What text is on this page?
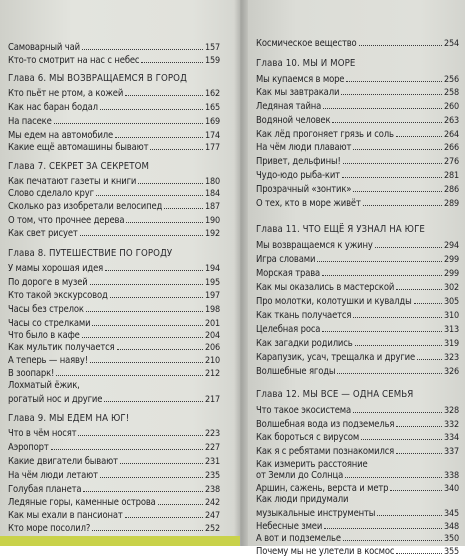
Самоварный чай	157
Кто-то смотрит на нас с небес	159
Глава 6. МЫ ВОЗВРАЩАЕМСЯ В ГОРОД
Кто пьёт не ртом, а кожей	162
Как нас баран бодал	165
На пасеке	169
Мы едем на автомобиле	174
Какие ещё автомашины бывают	177
Глава 7. СЕКРЕТ ЗА СЕКРЕТОМ
Как печатают газеты и книги	180
Слово сделало круг	184
Сколько раз изобретали велосипед	187
О том, что прочнее дерева	190
Как свет рисует	192
Глава 8. ПУТЕШЕСТВИЕ ПО ГОРОДУ
У мамы хорошая идея	194
По дороге в музей	195
Кто такой экскурсовод	197
Часы без стрелок	198
Часы со стрелками	201
Что было в кафе	204
Как мультик получается	206
А теперь — наяву!	210
В зоопарк!	212
Лохматый ёжик,
рогатый нос и другие	217
Глава 9. МЫ ЕДЕМ НА ЮГ!
Что в чём носят	223
Аэропорт	227
Какие двигатели бывают	231
На чём люди летают	235
Голубая планета	238
Ледяные горы, каменные острова	242
Как мы ехали в пансионат	247
Кто море посолил?	252
Космическое вещество	254
Глава 10. МЫ И МОРЕ
Мы купаемся в море	256
Как мы завтракали	258
Ледяная тайна	260
Водяной человек	263
Как лёд прогоняет грязь и соль	264
На чём люди плавают	266
Привет, дельфины!	276
Чудо-юдо рыба-кит	281
Прозрачный «зонтик»	286
О тех, кто в море живёт	289
Глава 11. ЧТО ЕЩЁ Я УЗНАЛ НА ЮГЕ
Мы возвращаемся к ужину	294
Игра словами	299
Морская трава	299
Как мы оказались в мастерской	302
Про молотки, колотушки и кувалды	305
Как ткань получается	310
Целебная роса	313
Как загадки родились	319
Карапузик, усач, трещалка и другие	323
Волшебные ягоды	326
Глава 12. МЫ ВСЕ — ОДНА СЕМЬЯ
Что такое экосистема	328
Волшебная вода из подземелья	332
Как бороться с вирусом	334
Как я с ребятами познакомился	337
Как измерить расстояние
от Земли до Солнца	338
Аршин, сажень, верста и метр	340
Как люди придумали
музыкальные инструменты	345
Небесные змеи	348
А вот и подземелье	350
Почему мы не улетели в космос	355
